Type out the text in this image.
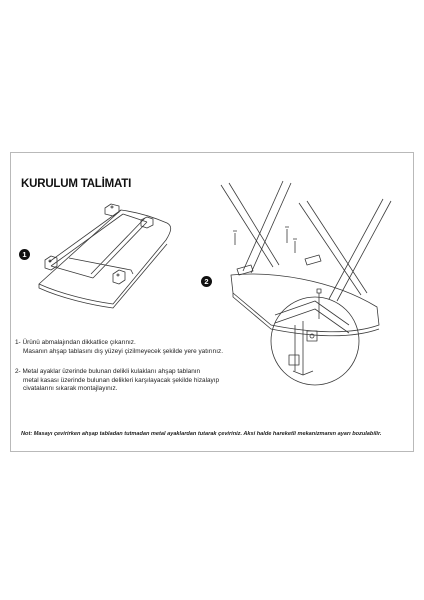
KURULUM TALİMATI
1
2
1- Ürünü abmalajından dikkatlice çıkarınız.
Masanın ahşap tablasını dış yüzeyi çizilmeyecek şekilde yere yatırınız.
2- Metal ayaklar üzerinde bulunan delikli kulaklarıı ahşap tablanın
metal kasası üzerinde bulunan delikleri karşılayacak şekilde hizalayıp
civatalarını sıkarak montajlayınız.
Not: Masayı çevirirken ahşap tabladan tutmadan metal ayaklardan tutarak çeviriniz. Aksi halde hareketli mekanizmanın ayarı bozulabilir.
